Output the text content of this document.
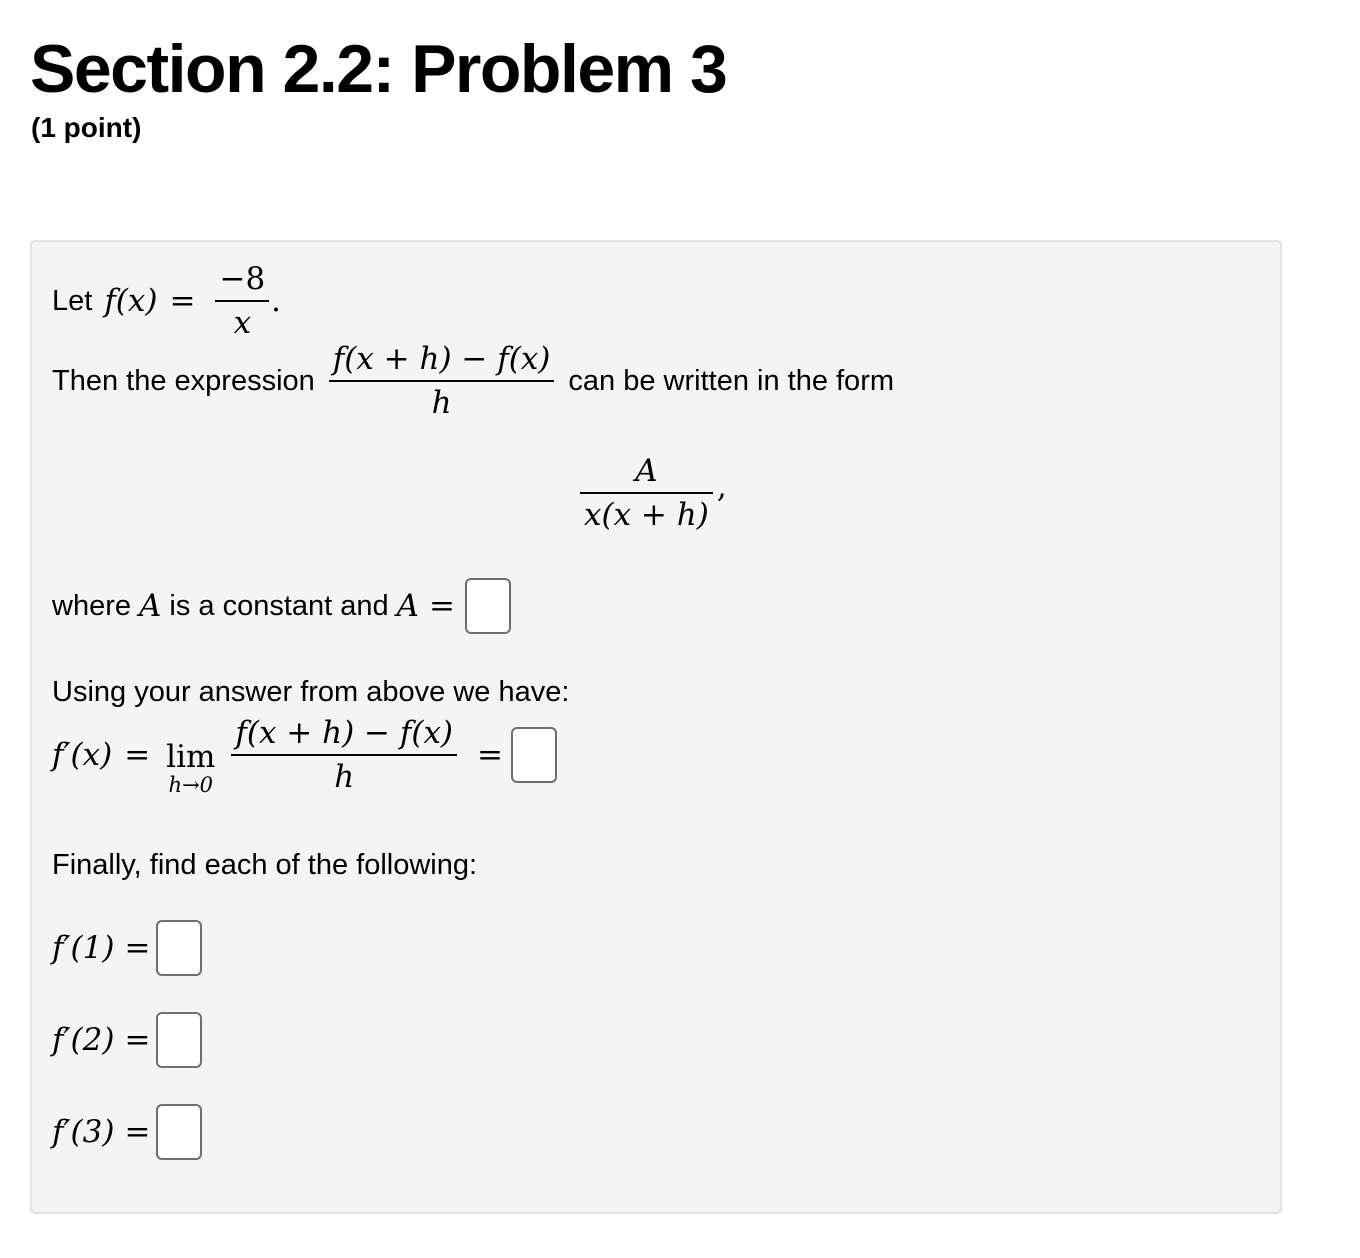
Section 2.2: Problem 3
(1 point)
Let $f(x) = \frac{-8}{x}$ .
Then the expression $\frac{f(x + h) - f(x)}{h}$ can be written in the form
$\frac{A}{x(x + h)}$ ,
where A is a constant and A =
Using your answer from above we have:
f′(x) = lim
$h\to 0 \frac{f(x + h) - f(x)}{h}$ =
Finally, find each of the following:
f′(1) =
f′(2) =
f′(3) =
